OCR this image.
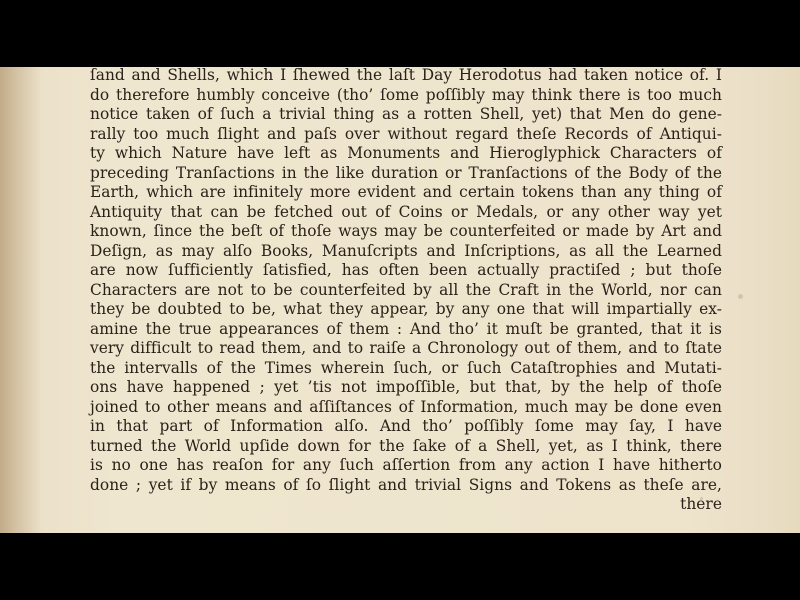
ſand and Shells, which I ſhewed the laſt Day Herodotus had taken notice of. I
do therefore humbly conceive (tho’ ſome poſſibly may think there is too much
notice taken of ſuch a trivial thing as a rotten Shell, yet) that Men do gene-
rally too much ſlight and paſs over without regard theſe Records of Antiqui-
ty which Nature have left as Monuments and Hieroglyphick Characters of
preceding Tranſactions in the like duration or Tranſactions of the Body of the
Earth, which are infinitely more evident and certain tokens than any thing of
Antiquity that can be fetched out of Coins or Medals, or any other way yet
known, ſince the beſt of thoſe ways may be counterfeited or made by Art and
Deſign, as may alſo Books, Manuſcripts and Inſcriptions, as all the Learned
are now ſufficiently ſatisfied, has often been actually practiſed ; but thoſe
Characters are not to be counterfeited by all the Craft in the World, nor can
they be doubted to be, what they appear, by any one that will impartially ex-
amine the true appearances of them : And tho’ it muſt be granted, that it is
very difficult to read them, and to raiſe a Chronology out of them, and to ſtate
the intervalls of the Times wherein ſuch, or ſuch Cataſtrophies and Mutati-
ons have happened ; yet ’tis not impoſſible, but that, by the help of thoſe
joined to other means and aſſiſtances of Information, much may be done even
in that part of Information alſo. And tho’ poſſibly ſome may ſay, I have
turned the World upſide down for the ſake of a Shell, yet, as I think, there
is no one has reaſon for any ſuch aſſertion from any action I have hitherto
done ; yet if by means of ſo ſlight and trivial Signs and Tokens as theſe are,
there
